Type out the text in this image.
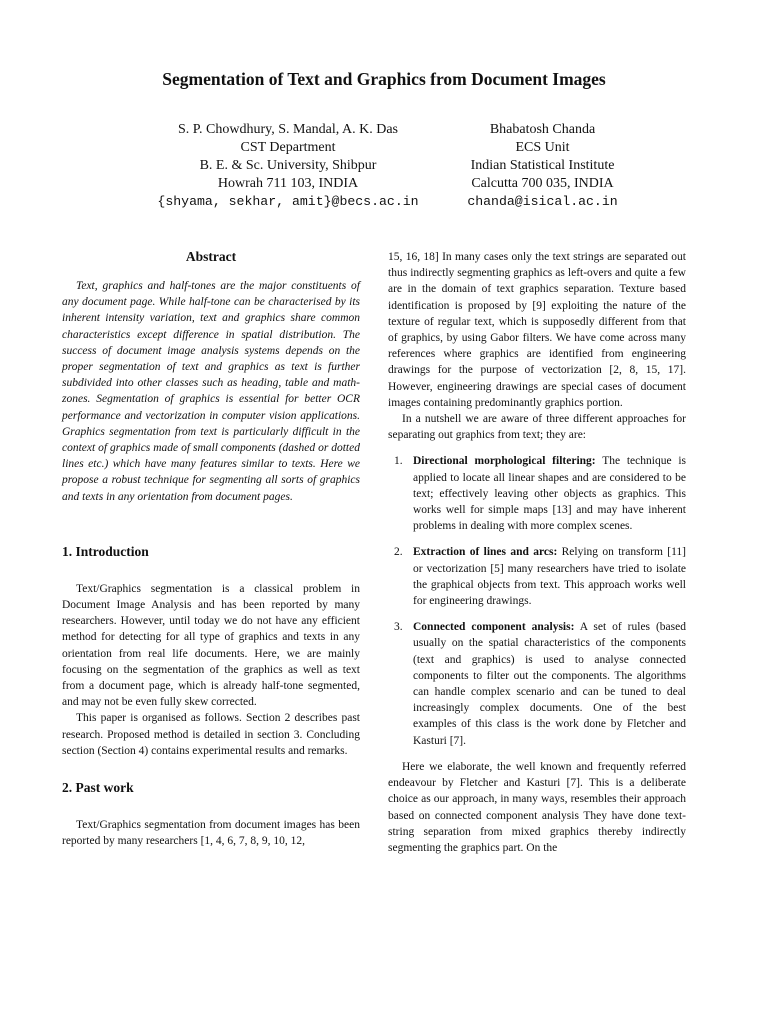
Segmentation of Text and Graphics from Document Images
S. P. Chowdhury, S. Mandal, A. K. Das
CST Department
B. E. & Sc. University, Shibpur
Howrah 711 103, INDIA
{shyama, sekhar, amit}@becs.ac.in
Bhabatosh Chanda
ECS Unit
Indian Statistical Institute
Calcutta 700 035, INDIA
chanda@isical.ac.in
Abstract

Text, graphics and half-tones are the major constituents of any document page. While half-tone can be characterised by its inherent intensity variation, text and graphics share common characteristics except difference in spatial distribution. The success of document image analysis systems depends on the proper segmentation of text and graphics as text is further subdivided into other classes such as heading, table and math-zones. Segmentation of graphics is essential for better OCR performance and vectorization in computer vision applications. Graphics segmentation from text is particularly difficult in the context of graphics made of small components (dashed or dotted lines etc.) which have many features similar to texts. Here we propose a robust technique for segmenting all sorts of graphics and texts in any orientation from document pages.

1. Introduction

Text/Graphics segmentation is a classical problem in Document Image Analysis and has been reported by many researchers. However, until today we do not have any efficient method for detecting for all type of graphics and texts in any orientation from real life documents. Here, we are mainly focusing on the segmentation of the graphics as well as text from a document page, which is already half-tone segmented, and may not be even fully skew corrected.

This paper is organised as follows. Section 2 describes past research. Proposed method is detailed in section 3. Concluding section (Section 4) contains experimental results and remarks.

2. Past work

Text/Graphics segmentation from document images has been reported by many researchers [1, 4, 6, 7, 8, 9, 10, 12,

15, 16, 18] In many cases only the text strings are separated out thus indirectly segmenting graphics as left-overs and quite a few are in the domain of text graphics separation. Texture based identification is proposed by [9] exploiting the nature of the texture of regular text, which is supposedly different from that of graphics, by using Gabor filters. We have come across many references where graphics are identified from engineering drawings for the purpose of vectorization [2, 8, 15, 17]. However, engineering drawings are special cases of document images containing predominantly graphics portion.

In a nutshell we are aware of three different approaches for separating out graphics from text; they are:

1. Directional morphological filtering: The technique is applied to locate all linear shapes and are considered to be text; effectively leaving other objects as graphics. This works well for simple maps [13] and may have inherent problems in dealing with more complex scenes.
2. Extraction of lines and arcs: Relying on transform [11] or vectorization [5] many researchers have tried to isolate the graphical objects from text. This approach works well for engineering drawings.
3. Connected component analysis: A set of rules (based usually on the spatial characteristics of the components (text and graphics) is used to analyse connected components to filter out the components. The algorithms can handle complex scenario and can be tuned to deal increasingly complex documents. One of the best examples of this class is the work done by Fletcher and Kasturi [7].

Here we elaborate, the well known and frequently referred endeavour by Fletcher and Kasturi [7]. This is a deliberate choice as our approach, in many ways, resembles their approach based on connected component analysis They have done text-string separation from mixed graphics thereby indirectly segmenting the graphics part. On the
